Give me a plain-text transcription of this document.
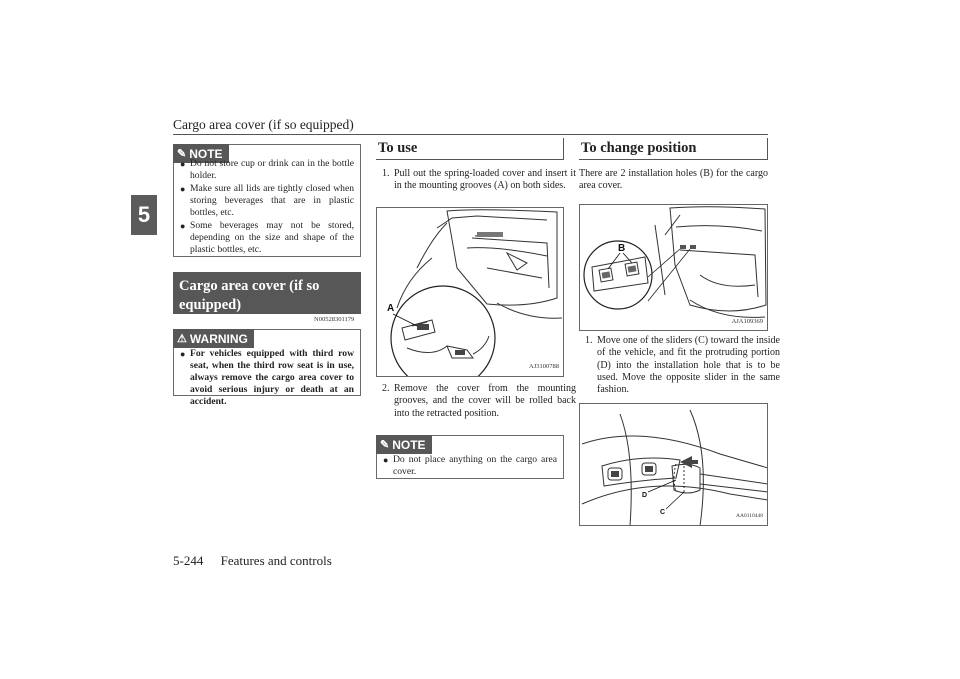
Cargo area cover (if so equipped)
5
✎ NOTE
● Do not store cup or drink can in the bottle holder.
● Make sure all lids are tightly closed when storing beverages that are in plastic bottles, etc.
● Some beverages may not be stored, depending on the size and shape of the plastic bottles, etc.
Cargo area cover (if so equipped)
N00528301179
⚠ WARNING
● For vehicles equipped with third row seat, when the third row seat is in use, always remove the cargo area cover to avoid serious injury or death at an accident.
To use
1. Pull out the spring-loaded cover and insert it in the mounting grooves (A) on both sides.
A
AJ3100788
2. Remove the cover from the mounting grooves, and the cover will be rolled back into the retracted position.
✎ NOTE
● Do not place anything on the cargo area cover.
To change position
There are 2 installation holes (B) for the cargo area cover.
B
AJA109369
1. Move one of the sliders (C) toward the inside of the vehicle, and fit the protruding portion (D) into the installation hole that is to be used. Move the opposite slider in the same fashion.
D
C	AA0110448
5-244 Features and controls
